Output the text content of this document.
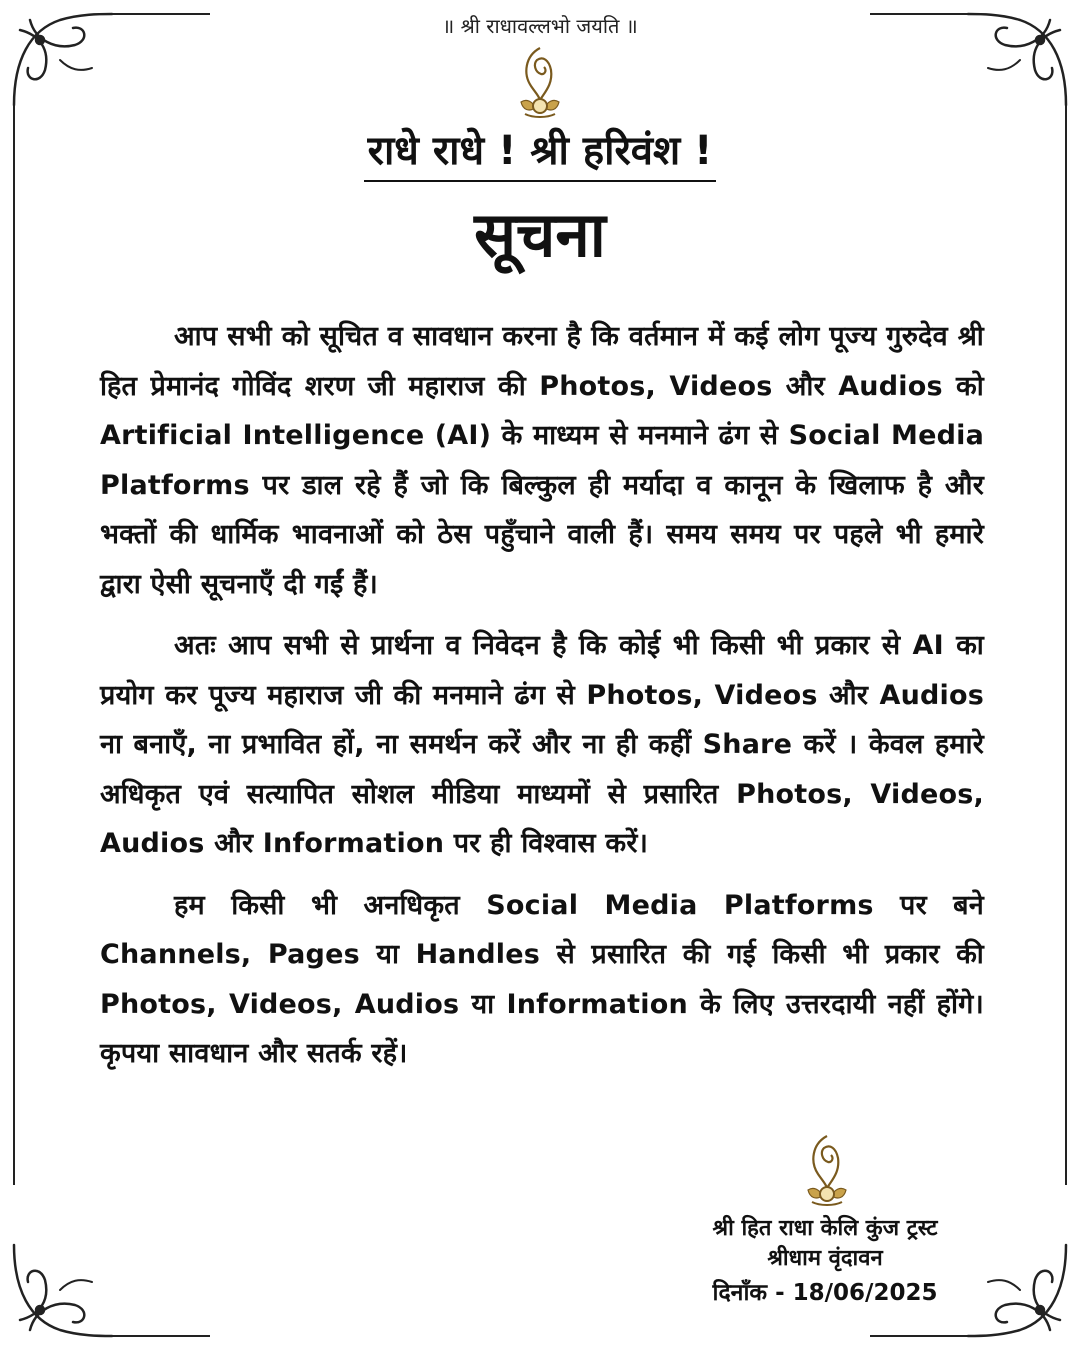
॥ श्री राधावल्लभो जयति ॥
राधे राधे ! श्री हरिवंश !
सूचना

आप सभी को सूचित व सावधान करना है कि वर्तमान में कई लोग पूज्य गुरुदेव श्री हित प्रेमानंद गोविंद शरण जी महाराज की Photos, Videos और Audios को Artificial Intelligence (AI) के माध्यम से मनमाने ढंग से Social Media Platforms पर डाल रहे हैं जो कि बिल्कुल ही मर्यादा व कानून के खिलाफ है और भक्तों की धार्मिक भावनाओं को ठेस पहुँचाने वाली हैं। समय समय पर पहले भी हमारे द्वारा ऐसी सूचनाएँ दी गईं हैं।

अतः आप सभी से प्रार्थना व निवेदन है कि कोई भी किसी भी प्रकार से AI का प्रयोग कर पूज्य महाराज जी की मनमाने ढंग से Photos, Videos और Audios ना बनाएँ, ना प्रभावित हों, ना समर्थन करें और ना ही कहीं Share करें । केवल हमारे अधिकृत एवं सत्यापित सोशल मीडिया माध्यमों से प्रसारित Photos, Videos, Audios और Information पर ही विश्वास करें।

हम किसी भी अनधिकृत Social Media Platforms पर बने Channels, Pages या Handles से प्रसारित की गई किसी भी प्रकार की Photos, Videos, Audios या Information के लिए उत्तरदायी नहीं होंगे। कृपया सावधान और सतर्क रहें।

श्री हित राधा केलि कुंज ट्रस्ट
श्रीधाम वृंदावन
दिनाँक - 18/06/2025
